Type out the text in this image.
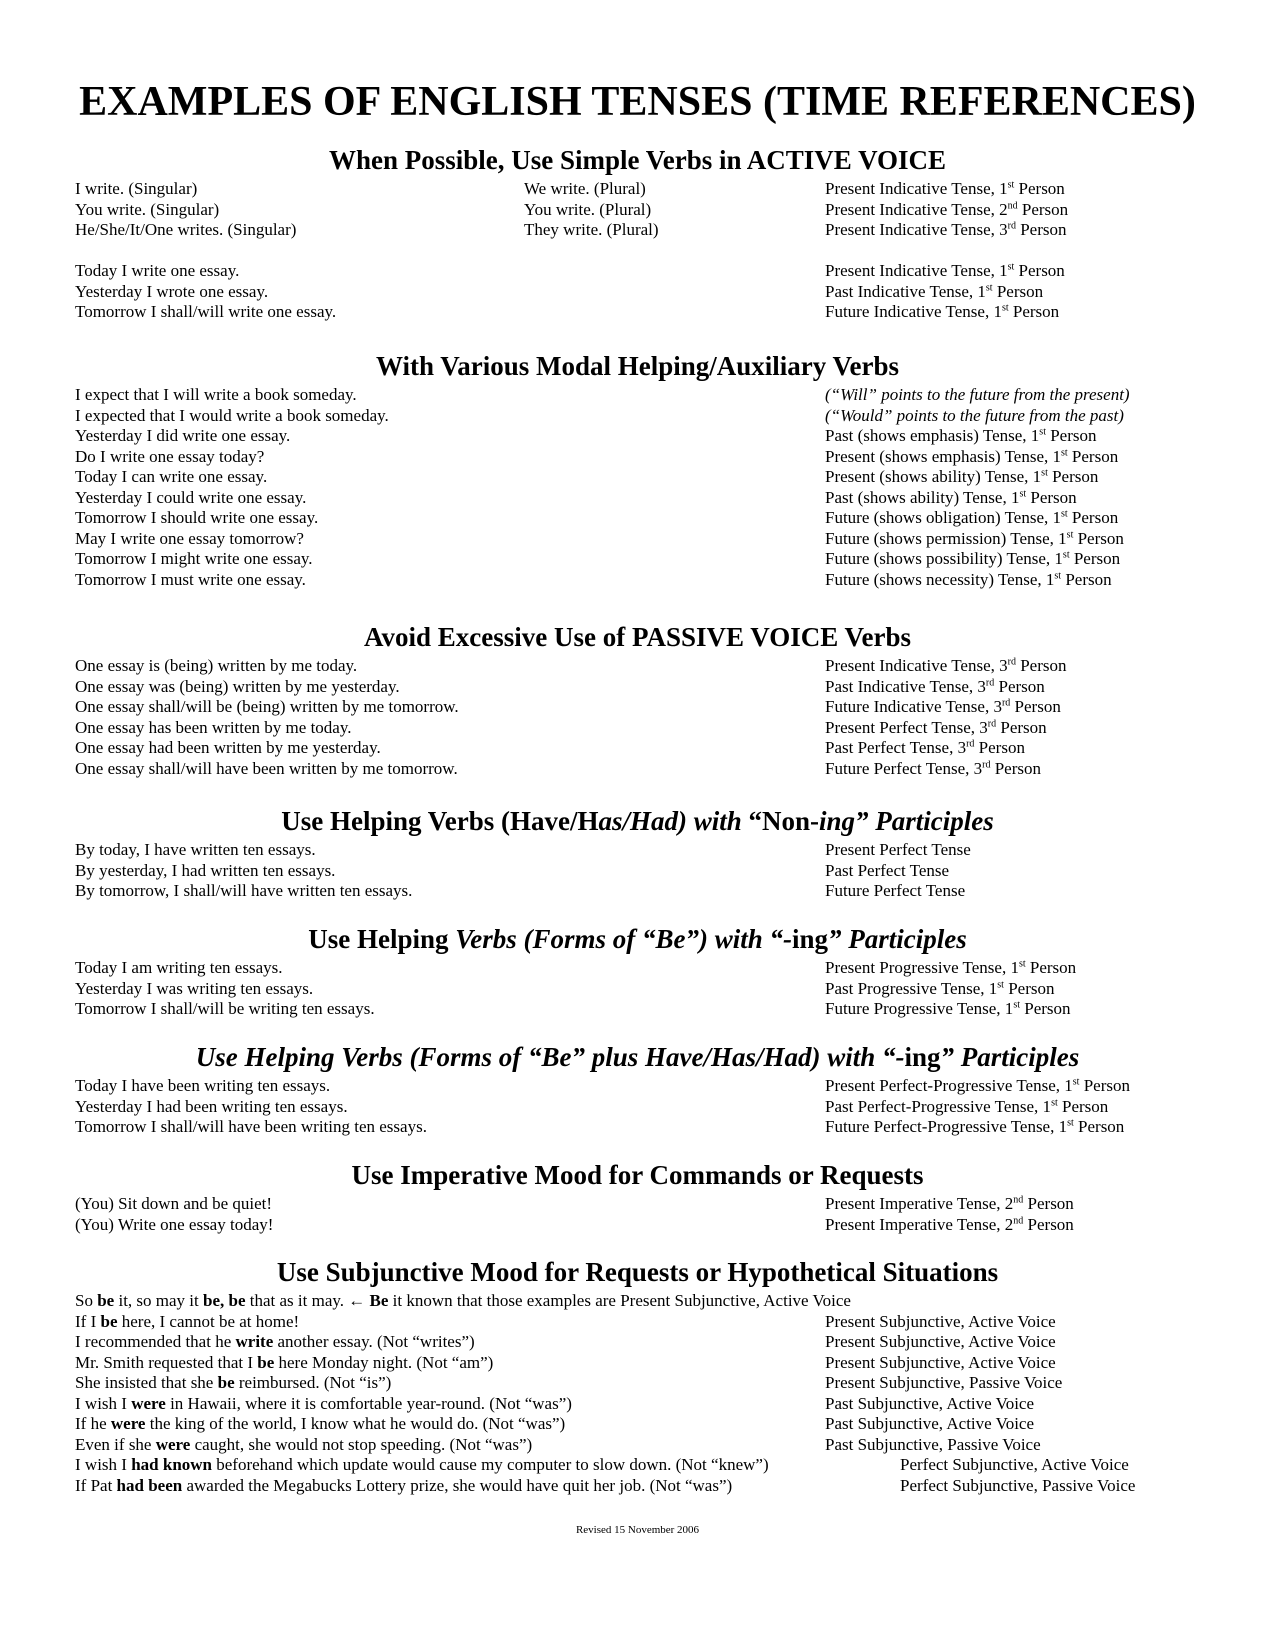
EXAMPLES OF ENGLISH TENSES (TIME REFERENCES)
When Possible, Use Simple Verbs in ACTIVE VOICE
I write. (Singular)	We write. (Plural)	Present Indicative Tense, 1st Person
You write. (Singular)	You write. (Plural)	Present Indicative Tense, 2nd Person
He/She/It/One writes. (Singular)	They write. (Plural)	Present Indicative Tense, 3rd Person
Today I write one essay.	Present Indicative Tense, 1st Person
Yesterday I wrote one essay.	Past Indicative Tense, 1st Person
Tomorrow I shall/will write one essay.	Future Indicative Tense, 1st Person
With Various Modal Helping/Auxiliary Verbs
I expect that I will write a book someday.	(“Will” points to the future from the present)
I expected that I would write a book someday.	(“Would” points to the future from the past)
Yesterday I did write one essay.	Past (shows emphasis) Tense, 1st Person
Do I write one essay today?	Present (shows emphasis) Tense, 1st Person
Today I can write one essay.	Present (shows ability) Tense, 1st Person
Yesterday I could write one essay.	Past (shows ability) Tense, 1st Person
Tomorrow I should write one essay.	Future (shows obligation) Tense, 1st Person
May I write one essay tomorrow?	Future (shows permission) Tense, 1st Person
Tomorrow I might write one essay.	Future (shows possibility) Tense, 1st Person
Tomorrow I must write one essay.	Future (shows necessity) Tense, 1st Person
Avoid Excessive Use of PASSIVE VOICE Verbs
One essay is (being) written by me today.	Present Indicative Tense, 3rd Person
One essay was (being) written by me yesterday.	Past Indicative Tense, 3rd Person
One essay shall/will be (being) written by me tomorrow.	Future Indicative Tense, 3rd Person
One essay has been written by me today.	Present Perfect Tense, 3rd Person
One essay had been written by me yesterday.	Past Perfect Tense, 3rd Person
One essay shall/will have been written by me tomorrow.	Future Perfect Tense, 3rd Person
Use Helping Verbs (Have/Has/Had) with “Non-ing” Participles
By today, I have written ten essays.	Present Perfect Tense
By yesterday, I had written ten essays.	Past Perfect Tense
By tomorrow, I shall/will have written ten essays.	Future Perfect Tense
Use Helping Verbs (Forms of “Be”) with “-ing” Participles
Today I am writing ten essays.	Present Progressive Tense, 1st Person
Yesterday I was writing ten essays.	Past Progressive Tense, 1st Person
Tomorrow I shall/will be writing ten essays.	Future Progressive Tense, 1st Person
Use Helping Verbs (Forms of “Be” plus Have/Has/Had) with “-ing” Participles
Today I have been writing ten essays.	Present Perfect-Progressive Tense, 1st Person
Yesterday I had been writing ten essays.	Past Perfect-Progressive Tense, 1st Person
Tomorrow I shall/will have been writing ten essays.	Future Perfect-Progressive Tense, 1st Person
Use Imperative Mood for Commands or Requests
(You) Sit down and be quiet!	Present Imperative Tense, 2nd Person
(You) Write one essay today!	Present Imperative Tense, 2nd Person
Use Subjunctive Mood for Requests or Hypothetical Situations
So be it, so may it be, be that as it may. ← Be it known that those examples are Present Subjunctive, Active Voice
If I be here, I cannot be at home!	Present Subjunctive, Active Voice
I recommended that he write another essay. (Not “writes”)	Present Subjunctive, Active Voice
Mr. Smith requested that I be here Monday night. (Not “am”)	Present Subjunctive, Active Voice
She insisted that she be reimbursed. (Not “is”)	Present Subjunctive, Passive Voice
I wish I were in Hawaii, where it is comfortable year-round. (Not “was”)	Past Subjunctive, Active Voice
If he were the king of the world, I know what he would do. (Not “was”)	Past Subjunctive, Active Voice
Even if she were caught, she would not stop speeding. (Not “was”)	Past Subjunctive, Passive Voice
I wish I had known beforehand which update would cause my computer to slow down. (Not “knew”)	Perfect Subjunctive, Active Voice
If Pat had been awarded the Megabucks Lottery prize, she would have quit her job. (Not “was”)	Perfect Subjunctive, Passive Voice
Revised 15 November 2006
